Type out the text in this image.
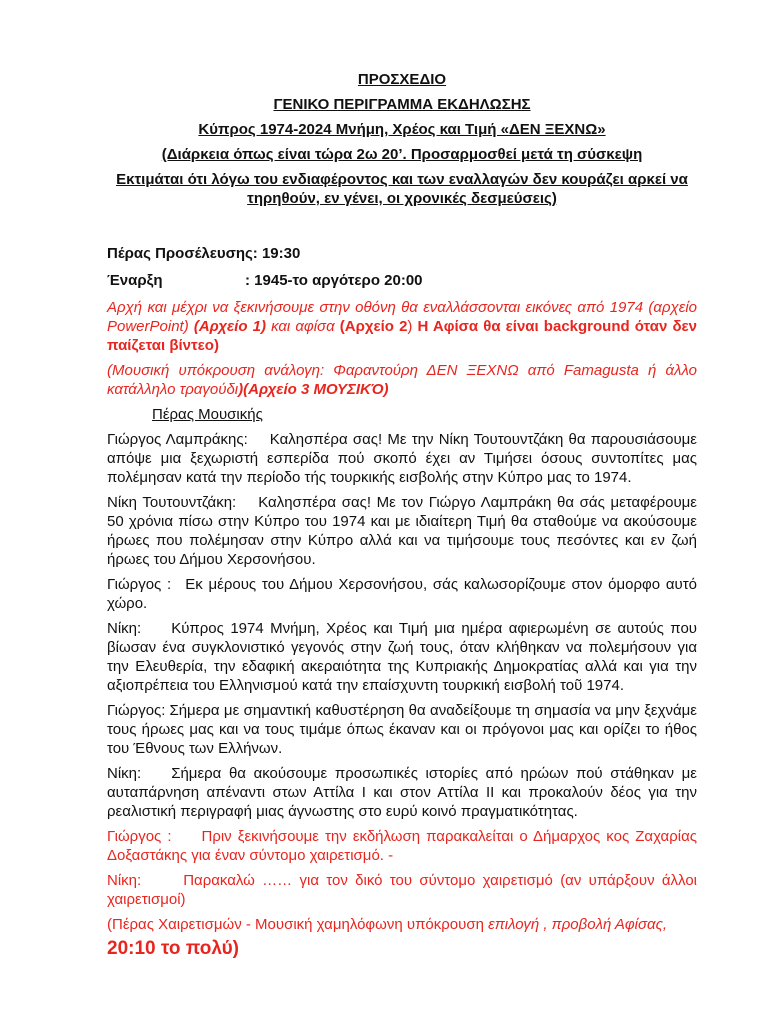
ΠΡΟΣΧΕΔΙΟ
ΓΕΝΙΚΟ ΠΕΡΙΓΡΑΜΜΑ ΕΚΔΗΛΩΣΗΣ
Κύπρος 1974-2024 Μνήμη, Χρέος και Τιμή «ΔΕΝ ΞΕΧΝΩ»
(Διάρκεια όπως είναι τώρα 2ω 20’. Προσαρμοσθεί μετά τη σύσκεψη
Εκτιμάται ότι λόγω του ενδιαφέροντος και των εναλλαγών δεν κουράζει αρκεί να τηρηθούν, εν γένει, οι χρονικές δεσμεύσεις)

Πέρας Προσέλευσης: 19:30

Έναρξη	: 1945-το αργότερο 20:00

Αρχή και μέχρι να ξεκινήσουμε στην οθόνη θα εναλλάσσονται εικόνες από 1974 (αρχείο PowerPoint) (Αρχείο 1) και αφίσα (Αρχείο 2) Η Αφίσα θα είναι background όταν δεν παίζεται βίντεο)

(Μουσική υπόκρουση ανάλογη: Φαραντούρη ΔΕΝ ΞΕΧΝΩ από Famagusta ή άλλο κατάλληλο τραγούδι)(Αρχείο 3 ΜΟΥΣΙΚΌ)

Πέρας Μουσικής

Γιώργος Λαμπράκης: Καλησπέρα σας! Με την Νίκη Τουτουντζάκη θα παρουσιάσουμε απόψε μια ξεχωριστή εσπερίδα πού σκοπό έχει αν Τιμήσει όσους συντοπίτες μας πολέμησαν κατά την περίοδο τής τουρκικής εισβολής στην Κύπρο μας το 1974.

Νίκη Τουτουντζάκη: Καλησπέρα σας! Με τον Γιώργο Λαμπράκη θα σάς μεταφέρουμε 50 χρόνια πίσω στην Κύπρο του 1974 και με ιδιαίτερη Τιμή θα σταθούμε να ακούσουμε ήρωες που πολέμησαν στην Κύπρο αλλά και να τιμήσουμε τους πεσόντες και εν ζωή ήρωες του Δήμου Χερσονήσου.

Γιώργος : Εκ μέρους του Δήμου Χερσονήσου, σάς καλωσορίζουμε στον όμορφο αυτό χώρο.

Νίκη: Κύπρος 1974 Μνήμη, Χρέος και Τιμή μια ημέρα αφιερωμένη σε αυτούς που βίωσαν ένα συγκλονιστικό γεγονός στην ζωή τους, όταν κλήθηκαν να πολεμήσουν για την Ελευθερία, την εδαφική ακεραιότητα της Κυπριακής Δημοκρατίας αλλά και για την αξιοπρέπεια του Ελληνισμού κατά την επαίσχυντη τουρκική εισβολή τοῦ 1974.

Γιώργος: Σήμερα με σημαντική καθυστέρηση θα αναδείξουμε τη σημασία να μην ξεχνάμε τους ήρωες μας και να τους τιμάμε όπως έκαναν και οι πρόγονοι μας και ορίζει το ήθος του Έθνους των Ελλήνων.

Νίκη: Σήμερα θα ακούσουμε προσωπικές ιστορίες από ηρώων πού στάθηκαν με αυταπάρνηση απέναντι στων Αττίλα Ι και στον Αττίλα ΙΙ και προκαλούν δέος για την ρεαλιστική περιγραφή μιας άγνωστης στο ευρύ κοινό πραγματικότητας.

Γιώργος : Πριν ξεκινήσουμε την εκδήλωση παρακαλείται ο Δήμαρχος κος Ζαχαρίας Δοξαστάκης για έναν σύντομο χαιρετισμό. -

Νίκη:	Παρακαλώ …… για τον δικό του σύντομο χαιρετισμό (αν υπάρξουν άλλοι χαιρετισμοί)

(Πέρας Χαιρετισμών - Μουσική χαμηλόφωνη υπόκρουση επιλογή , προβολή Αφίσας,

20:10 το πολύ)
